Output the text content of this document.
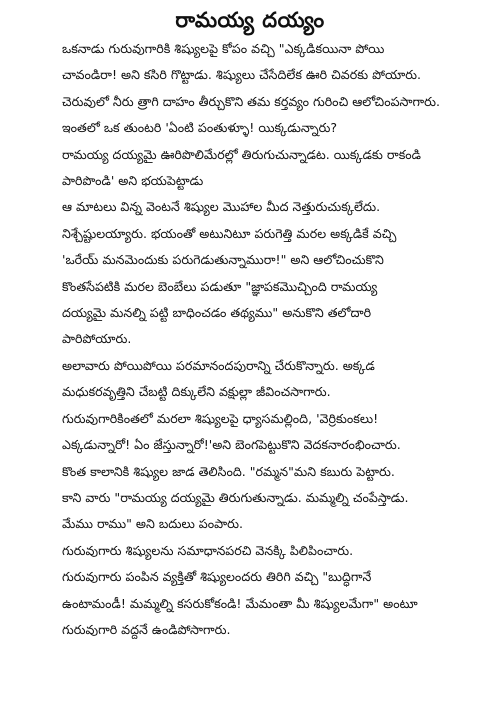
రామయ్య దయ్యం

ఒకనాడు గురువుగారికి శిష్యులపై కోపం వచ్చి "ఎక్కడికయినా పోయి
చావండిరా! అని కసిరి గొట్టాడు. శిష్యులు చేసేదిలేక ఊరి చివరకు పోయారు.
చెరువులో నీరు త్రాగి దాహం తీర్చుకొని తమ కర్తవ్యం గురించి ఆలోచింపసాగారు.

ఇంతలో ఒక తుంటరి 'ఏంటి పంతుళ్ళూ! యిక్కడున్నారు?
రామయ్య దయ్యమై ఊరిపొలిమేరల్లో తిరుగుచున్నాడట. యిక్కడకు రాకండి
పారిపొండి' అని భయపెట్టాడు

ఆ మాటలు విన్న వెంటనే శిష్యుల మొహాల మీద నెత్తురుచుక్కలేదు.
నిశ్చేష్టులయ్యారు. భయంతో అటునిటూ పరుగెత్తి మరల అక్కడికే వచ్చి
'ఒరేయ్ మనమెందుకు పరుగెడుతున్నామురా!" అని ఆలోచించుకొని
కొంతసేపటికి మరల బెంబేలు పడుతూ "జ్ఞాపకమొచ్చింది రామయ్య
దయ్యమై మనల్ని పట్టి బాధించడం తథ్యము" అనుకొని తలోదారి
పారిపోయారు.

అలావారు పోయిపోయి పరమానందపురాన్ని చేరుకొన్నారు. అక్కడ
మధుకరవృత్తిని చేబట్టి దిక్కులేని వక్షుల్లా జీవించసాగారు.
గురువుగారికింతలో మరలా శిష్యులపై ధ్యాసమల్లింది, 'వెర్రికుంకలు!
ఎక్కడున్నారో! ఏం జేస్తున్నారో!'అని బెంగపెట్టుకొని వెదకనారంభించారు.
కొంత కాలానికి శిష్యుల జాడ తెలిసింది. "రమ్మన"మని కబురు పెట్టారు.
కాని వారు "రామయ్య దయ్యమై తిరుగుతున్నాడు. మమ్మల్ని చంపేస్తాడు.
మేము రాము" అని బదులు పంపారు.

గురువుగారు శిష్యులను సమాధానపరచి వెనక్కి పిలిపించారు.
గురువుగారు పంపిన వ్యక్తితో శిష్యులందరు తిరిగి వచ్చి "బుద్ధిగానే
ఉంటామండీ! మమ్మల్ని కసరుకోకండి! మేమంతా మీ శిష్యులమేగా" అంటూ
గురువుగారి వద్దనే ఉండిపోసాగారు.
